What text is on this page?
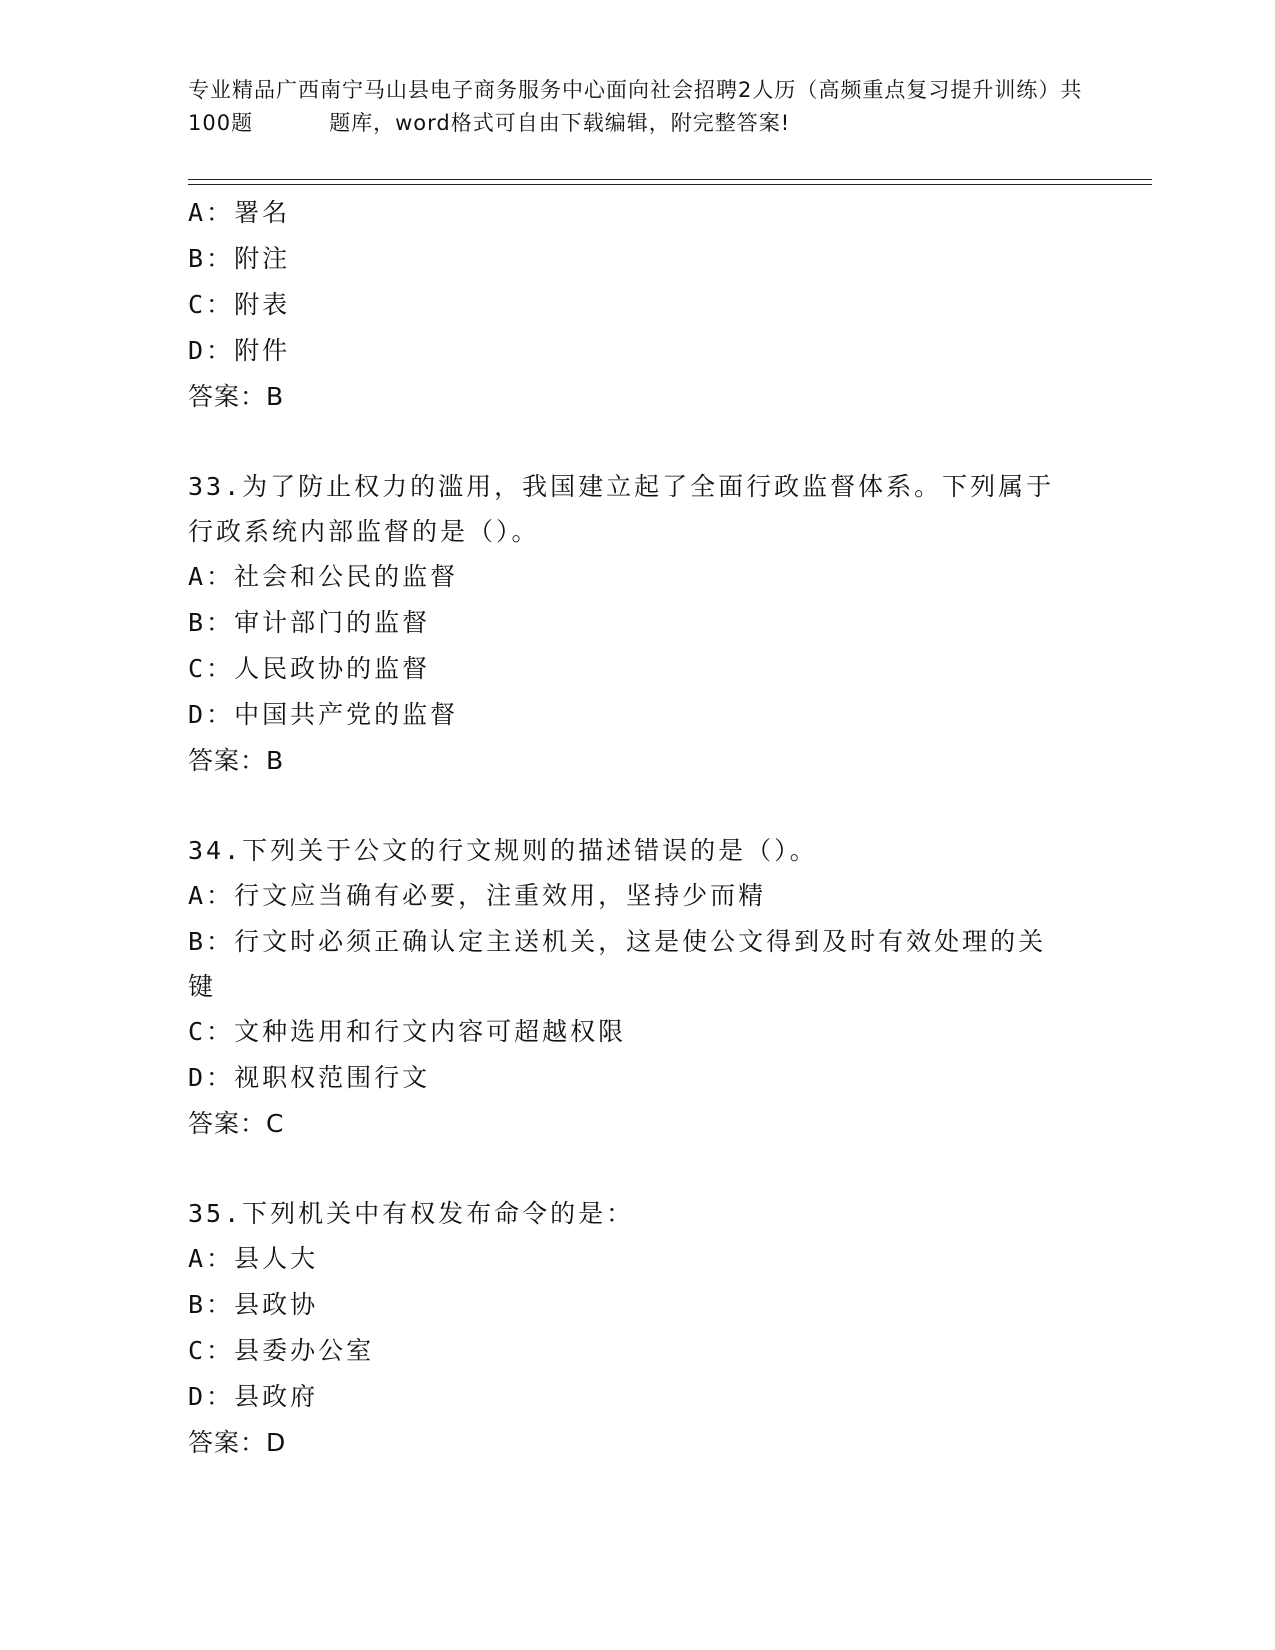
专业精品广西南宁马山县电子商务服务中心面向社会招聘2人历（高频重点复习提升训练）共100题	题库，word格式可自由下载编辑，附完整答案!
A：署名
B：附注
C：附表
D：附件
答案：B
33.为了防止权力的滥用，我国建立起了全面行政监督体系。下列属于行政系统内部监督的是（）。
A：社会和公民的监督
B：审计部门的监督
C：人民政协的监督
D：中国共产党的监督
答案：B
34.下列关于公文的行文规则的描述错误的是（）。
A：行文应当确有必要，注重效用，坚持少而精
B：行文时必须正确认定主送机关，这是使公文得到及时有效处理的关键
C：文种选用和行文内容可超越权限
D：视职权范围行文
答案：C
35.下列机关中有权发布命令的是：
A：县人大
B：县政协
C：县委办公室
D：县政府
答案：D
